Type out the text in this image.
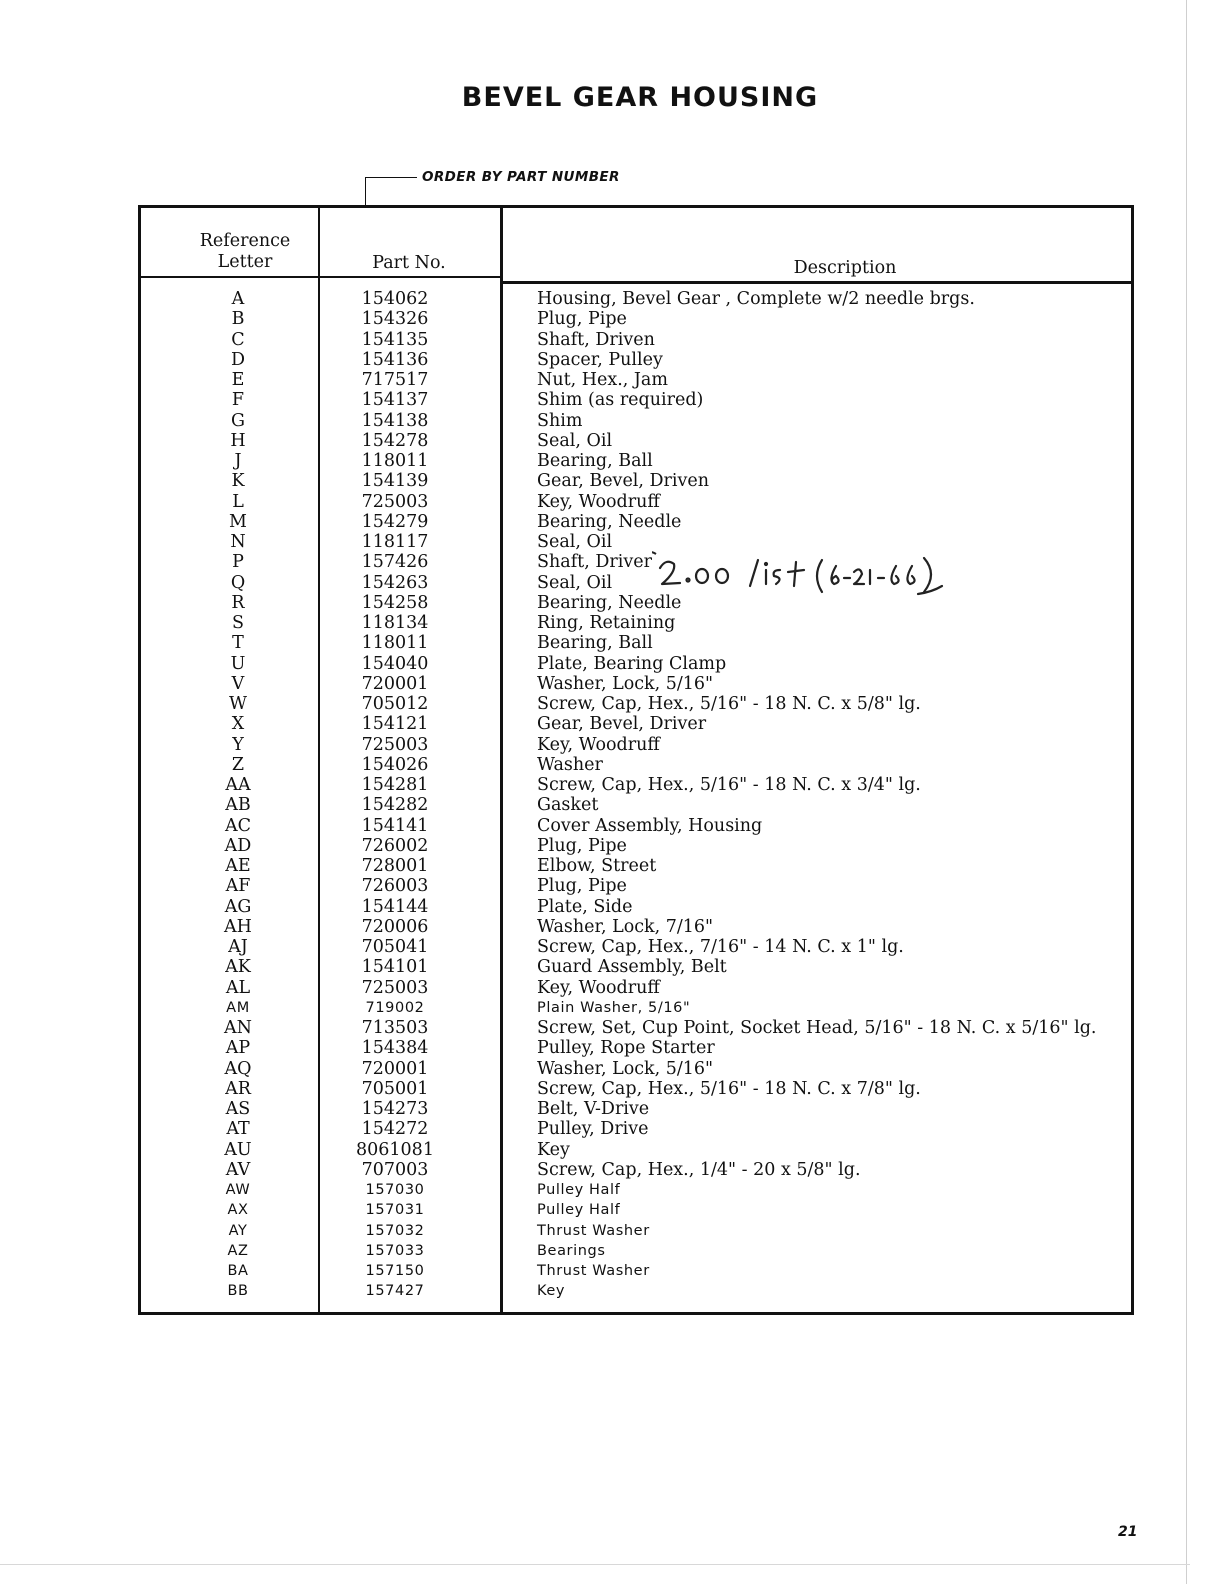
BEVEL GEAR HOUSING
ORDER BY PART NUMBER
Reference Letter	Part No.	Description
A	154062	Housing, Bevel Gear , Complete w/2 needle brgs.
B	154326	Plug, Pipe
C	154135	Shaft, Driven
D	154136	Spacer, Pulley
E	717517	Nut, Hex., Jam
F	154137	Shim (as required)
G	154138	Shim
H	154278	Seal, Oil
J	118011	Bearing, Ball
K	154139	Gear, Bevel, Driven
L	725003	Key, Woodruff
M	154279	Bearing, Needle
N	118117	Seal, Oil
P	157426	Shaft, Driver
Q	154263	Seal, Oil
R	154258	Bearing, Needle
S	118134	Ring, Retaining
T	118011	Bearing, Ball
U	154040	Plate, Bearing Clamp
V	720001	Washer, Lock, 5/16"
W	705012	Screw, Cap, Hex., 5/16" - 18 N. C. x 5/8" lg.
X	154121	Gear, Bevel, Driver
Y	725003	Key, Woodruff
Z	154026	Washer
AA	154281	Screw, Cap, Hex., 5/16" - 18 N. C. x 3/4" lg.
AB	154282	Gasket
AC	154141	Cover Assembly, Housing
AD	726002	Plug, Pipe
AE	728001	Elbow, Street
AF	726003	Plug, Pipe
AG	154144	Plate, Side
AH	720006	Washer, Lock, 7/16"
AJ	705041	Screw, Cap, Hex., 7/16" - 14 N. C. x 1" lg.
AK	154101	Guard Assembly, Belt
AL	725003	Key, Woodruff
AM	719002	Plain Washer, 5/16"
AN	713503	Screw, Set, Cup Point, Socket Head, 5/16" - 18 N. C. x 5/16" lg.
AP	154384	Pulley, Rope Starter
AQ	720001	Washer, Lock, 5/16"
AR	705001	Screw, Cap, Hex., 5/16" - 18 N. C. x 7/8" lg.
AS	154273	Belt, V-Drive
AT	154272	Pulley, Drive
AU	8061081	Key
AV	707003	Screw, Cap, Hex., 1/4" - 20 x 5/8" lg.
AW	157030	Pulley Half
AX	157031	Pulley Half
AY	157032	Thrust Washer
AZ	157033	Bearings
BA	157150	Thrust Washer
BB	157427	Key
21
